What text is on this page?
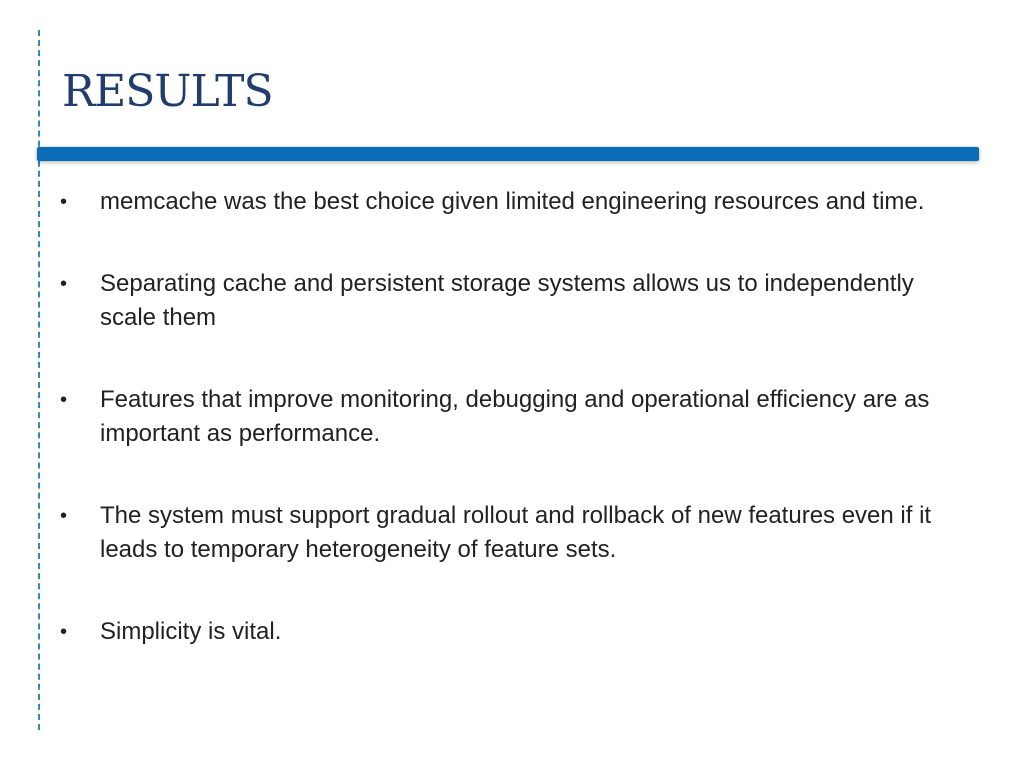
RESULTS
• memcache was the best choice given limited engineering resources and time.
• Separating cache and persistent storage systems allows us to independently scale them
• Features that improve monitoring, debugging and operational efficiency are as important as performance.
• The system must support gradual rollout and rollback of new features even if it leads to temporary heterogeneity of feature sets.
• Simplicity is vital.
